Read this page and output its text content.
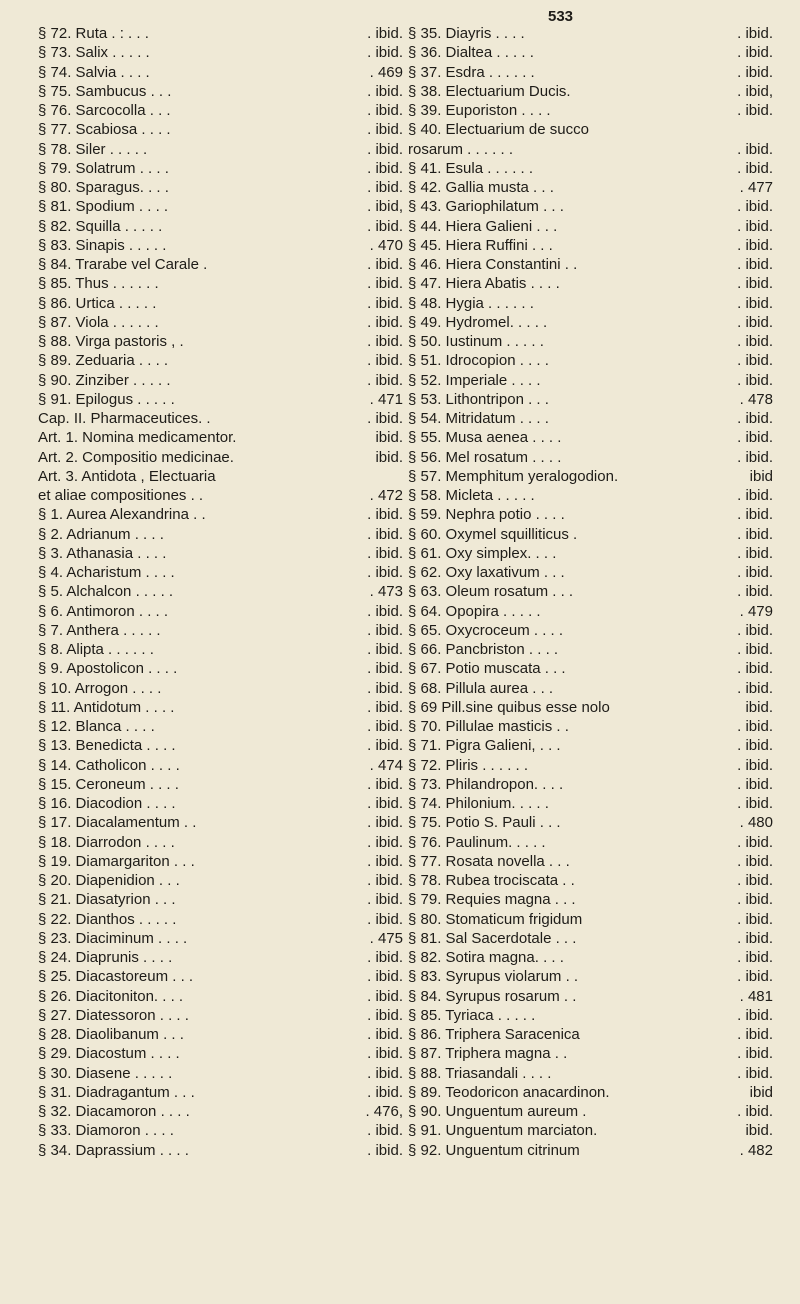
533
§ 72. Ruta . : . . .	. ibid.
§ 73. Salix . . . . .	. ibid.
§ 74. Salvia . . . .	. 469
§ 75. Sambucus . . .	. ibid.
§ 76. Sarcocolla . . .	. ibid.
§ 77. Scabiosa . . . .	. ibid.
§ 78. Siler . . . . .	. ibid.
§ 79. Solatrum . . . .	. ibid.
§ 80. Sparagus. . . .	. ibid.
§ 81. Spodium . . . .	. ibid,
§ 82. Squilla . . . . .	. ibid.
§ 83. Sinapis . . . . .	. 470
§ 84. Trarabe vel Carale .	. ibid.
§ 85. Thus . . . . . .	. ibid.
§ 86. Urtica . . . . .	. ibid.
§ 87. Viola . . . . . .	. ibid.
§ 88. Virga pastoris , .	. ibid.
§ 89. Zeduaria . . . .	. ibid.
§ 90. Zinziber . . . . .	. ibid.
§ 91. Epilogus . . . . .	. 471
Cap. II. Pharmaceutices. .	. ibid.
Art. 1. Nomina medicamentor.	ibid.
Art. 2. Compositio medicinae.	ibid.
Art. 3. Antidota , Electuaria
et aliae compositiones . .	. 472
§ 1. Aurea Alexandrina . .	. ibid.
§ 2. Adrianum . . . .	. ibid.
§ 3. Athanasia . . . .	. ibid.
§ 4. Acharistum . . . .	. ibid.
§ 5. Alchalcon . . . . .	. 473
§ 6. Antimoron . . . .	. ibid.
§ 7. Anthera . . . . .	. ibid.
§ 8. Alipta . . . . . .	. ibid.
§ 9. Apostolicon . . . .	. ibid.
§ 10. Arrogon . . . .	. ibid.
§ 11. Antidotum . . . .	. ibid.
§ 12. Blanca . . . .	. ibid.
§ 13. Benedicta . . . .	. ibid.
§ 14. Catholicon . . . .	. 474
§ 15. Ceroneum . . . .	. ibid.
§ 16. Diacodion . . . .	. ibid.
§ 17. Diacalamentum . .	. ibid.
§ 18. Diarrodon . . . .	. ibid.
§ 19. Diamargariton . . .	. ibid.
§ 20. Diapenidion . . .	. ibid.
§ 21. Diasatyrion . . .	. ibid.
§ 22. Dianthos . . . . .	. ibid.
§ 23. Diaciminum . . . .	. 475
§ 24. Diaprunis . . . .	. ibid.
§ 25. Diacastoreum . . .	. ibid.
§ 26. Diacitoniton. . . .	. ibid.
§ 27. Diatessoron . . . .	. ibid.
§ 28. Diaolibanum . . .	. ibid.
§ 29. Diacostum . . . .	. ibid.
§ 30. Diasene . . . . .	. ibid.
§ 31. Diadragantum . . .	. ibid.
§ 32. Diacamoron . . . .	. 476,
§ 33. Diamoron . . . .	. ibid.
§ 34. Daprassium . . . .	. ibid.
§ 35. Diayris . . . .	. ibid.
§ 36. Dialtea . . . . .	. ibid.
§ 37. Esdra . . . . . .	. ibid.
§ 38. Electuarium Ducis.	. ibid,
§ 39. Euporiston . . . .	. ibid.
§ 40. Electuarium de succo
rosarum . . . . . .	. ibid.
§ 41. Esula . . . . . .	. ibid.
§ 42. Gallia musta . . .	. 477
§ 43. Gariophilatum . . .	. ibid.
§ 44. Hiera Galieni . . .	. ibid.
§ 45. Hiera Ruffini . . .	. ibid.
§ 46. Hiera Constantini . .	. ibid.
§ 47. Hiera Abatis . . . .	. ibid.
§ 48. Hygia . . . . . .	. ibid.
§ 49. Hydromel. . . . .	. ibid.
§ 50. Iustinum . . . . .	. ibid.
§ 51. Idrocopion . . . .	. ibid.
§ 52. Imperiale . . . .	. ibid.
§ 53. Lithontripon . . .	. 478
§ 54. Mitridatum . . . .	. ibid.
§ 55. Musa aenea . . . .	. ibid.
§ 56. Mel rosatum . . . .	. ibid.
§ 57. Memphitum yeralogodion.	ibid
§ 58. Micleta . . . . .	. ibid.
§ 59. Nephra potio . . . .	. ibid.
§ 60. Oxymel squilliticus .	. ibid.
§ 61. Oxy simplex. . . .	. ibid.
§ 62. Oxy laxativum . . .	. ibid.
§ 63. Oleum rosatum . . .	. ibid.
§ 64. Opopira . . . . .	. 479
§ 65. Oxycroceum . . . .	. ibid.
§ 66. Pancbriston . . . .	. ibid.
§ 67. Potio muscata . . .	. ibid.
§ 68. Pillula aurea . . .	. ibid.
§ 69 Pill.sine quibus esse nolo	ibid.
§ 70. Pillulae masticis . .	. ibid.
§ 71. Pigra Galieni, . . .	. ibid.
§ 72. Pliris . . . . . .	. ibid.
§ 73. Philandropon. . . .	. ibid.
§ 74. Philonium. . . . .	. ibid.
§ 75. Potio S. Pauli . . .	. 480
§ 76. Paulinum. . . . .	. ibid.
§ 77. Rosata novella . . .	. ibid.
§ 78. Rubea trociscata . .	. ibid.
§ 79. Requies magna . . .	. ibid.
§ 80. Stomaticum frigidum	. ibid.
§ 81. Sal Sacerdotale . . .	. ibid.
§ 82. Sotira magna. . . .	. ibid.
§ 83. Syrupus violarum . .	. ibid.
§ 84. Syrupus rosarum . .	. 481
§ 85. Tyriaca . . . . .	. ibid.
§ 86. Triphera Saracenica	. ibid.
§ 87. Triphera magna . .	. ibid.
§ 88. Triasandali . . . .	. ibid.
§ 89. Teodoricon anacardinon.	ibid
§ 90. Unguentum aureum .	. ibid.
§ 91. Unguentum marciaton.	ibid.
§ 92. Unguentum citrinum	. 482
